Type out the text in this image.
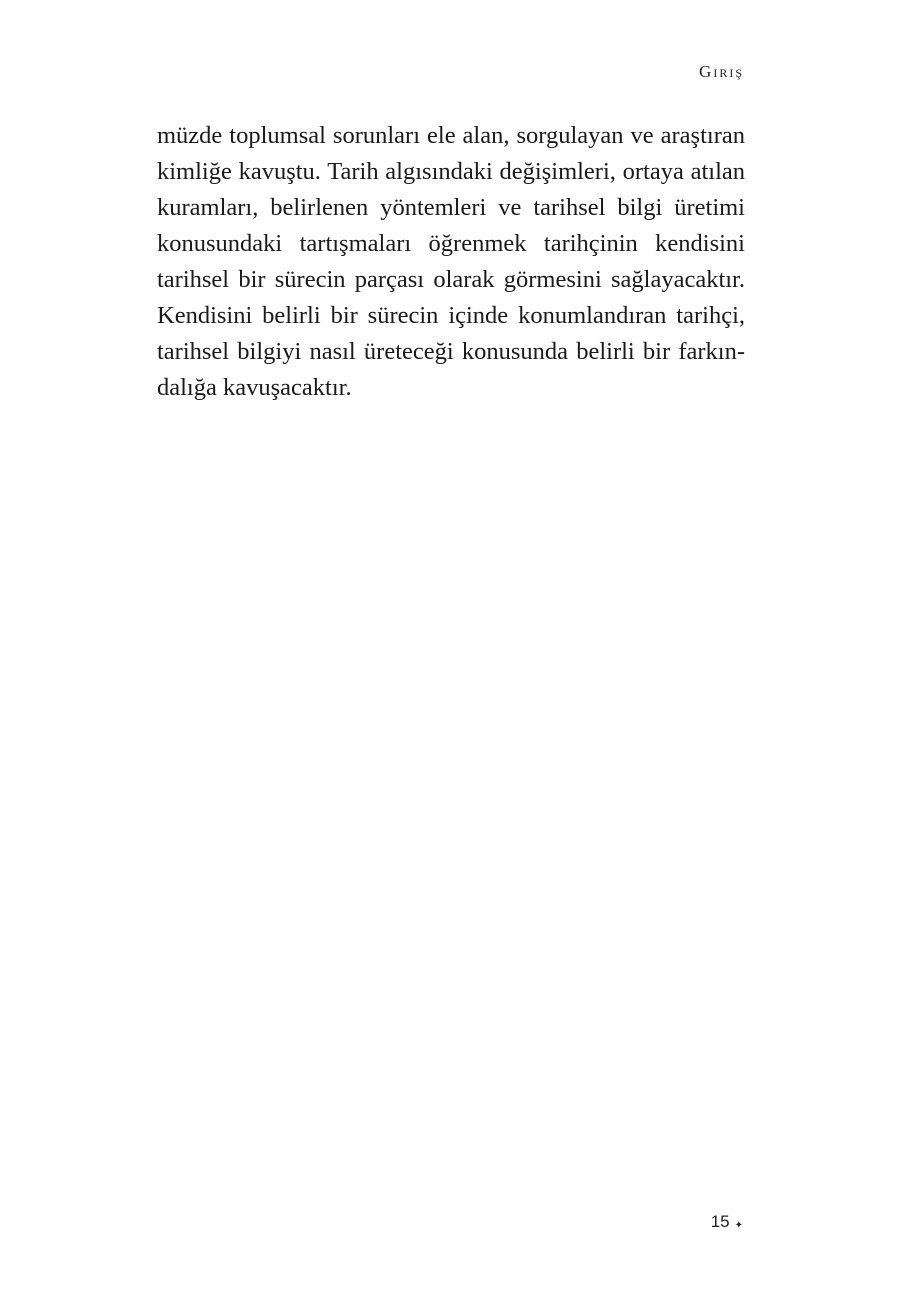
Giriş
müzde toplumsal sorunları ele alan, sorgulayan ve araştıran
kimliğe kavuştu. Tarih algısındaki değişimleri, ortaya atılan
kuramları, belirlenen yöntemleri ve tarihsel bilgi üretimi
konusundaki tartışmaları öğrenmek tarihçinin kendisini
tarihsel bir sürecin parçası olarak görmesini sağlayacaktır.
Kendisini belirli bir sürecin içinde konumlandıran tarihçi,
tarihsel bilgiyi nasıl üreteceği konusunda belirli bir farkın-
dalığa kavuşacaktır.
15 ✦
